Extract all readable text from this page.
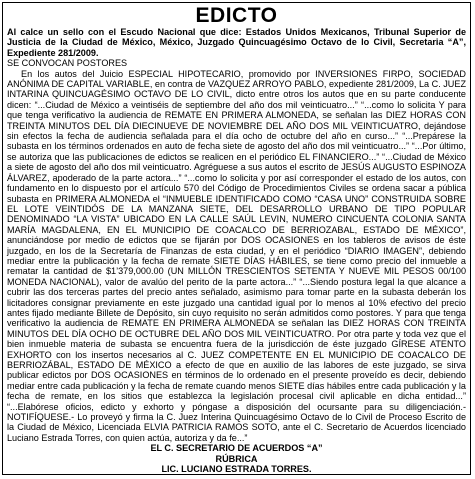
EDICTO

Al calce un sello con el Escudo Nacional que dice: Estados Unidos Mexicanos, Tribunal Superior de Justicia de la Ciudad de México, México, Juzgado Quincuagésimo Octavo de lo Civil, Secretaria “A”, Expediente 281/2009.

SE CONVOCAN POSTORES

En los autos del Juicio ESPECIAL HIPOTECARIO, promovido por INVERSIONES FIRPO, SOCIEDAD ANÓNIMA DE CAPITAL VARIABLE, en contra de VAZQUEZ ARROYO PABLO, expediente 281/2009, La C. JUEZ INTARINA QUINCUAGÉSIMO OCTAVO DE LO CIVIL, dicto entre otros los autos que en su parte conducente dicen: “...Ciudad de México a veintiséis de septiembre del año dos mil veinticuatro...” “...como lo solicita Y para que tenga verificativo la audiencia de REMATE EN PRIMERA ALMONEDA, se señalan las DIEZ HORAS CON TREINTA MINUTOS DEL DÍA DIECINUEVE DE NOVIEMBRE DEL AÑO DOS MIL VEINTICUATRO, dejándose sin efectos la fecha de audiencia señalada para el día ocho de octubre del año en curso...” “...Prepárese la subasta en los términos ordenados en auto de fecha siete de agosto del año dos mil veinticuatro...” “...Por último, se autoriza que las publicaciones de edictos se realicen en el periódico EL FINANCIERO...” “...Ciudad de México a siete de agosto del año dos mil veinticuatro. Agréguese a sus autos el escrito de JESÚS AUGUSTO ESPINOZA ÁLVAREZ, apoderado de la parte actora...” “...como lo solicita y por así corresponder el estado de los autos, con fundamento en lo dispuesto por el artículo 570 del Código de Procedimientos Civiles se ordena sacar a pública subasta en PRIMERA ALMONEDA el “INMUEBLE IDENTIFICADO COMO “CASA UNO” CONSTRUIDA SOBRE EL LOTE VEINTIDÓS DE LA MANZANA SIETE, DEL DESARROLLO URBANO DE TIPO POPULAR DENOMINADO “LA VISTA” UBICADO EN LA CALLE SAÚL LEVIN, NUMERO CINCUENTA COLONIA SANTA MARÍA MAGDALENA, EN EL MUNICIPIO DE COACALCO DE BERRIOZABAL, ESTADO DE MÉXICO”, anunciándose por medio de edictos que se fijarán por DOS OCASIONES en los tableros de avisos de éste juzgado, en los de la Secretaría de Finanzas de esta ciudad, y en el periódico “DIARIO IMAGEN”, debiendo mediar entre la publicación y la fecha de remate SIETE DÍAS HÁBILES, se tiene como precio del inmueble a rematar la cantidad de $1’379,000.00 (UN MILLÓN TRESCIENTOS SETENTA Y NUEVE MIL PESOS 00/100 MONEDA NACIONAL), valor de avalúo del perito de la parte actora...” “...Siendo postura legal la que alcance a cubrir las dos terceras partes del precio antes señalado, asimismo para tomar parte en la subasta deberán los licitadores consignar previamente en este juzgado una cantidad igual por lo menos al 10% efectivo del precio antes fijado mediante Billete de Depósito, sin cuyo requisito no serán admitidos como postores. Y para que tenga verificativo la audiencia de REMATE EN PRIMERA ALMONEDA se señalan las DIEZ HORAS CON TREINTA MINUTOS DEL DÍA OCHO DE OCTUBRE DEL AÑO DOS MIL VEINTICUATRO. Por otra parte y toda vez que el bien inmueble materia de subasta se encuentra fuera de la jurisdicción de éste juzgado GÍRESE ATENTO EXHORTO con los insertos necesarios al C. JUEZ COMPETENTE EN EL MUNICIPIO DE COACALCO DE BERRIOZÁBAL, ESTADO DE MÉXICO a efecto de que en auxilio de las labores de este juzgado, se sirva publicar edictos por DOS OCASIONES en términos de lo ordenado en el presente proveído es decir, debiendo mediar entre cada publicación y la fecha de remate cuando menos SIETE días hábiles entre cada publicación y la fecha de remate, en los sitios que establezca la legislación procesal civil aplicable en dicha entidad...” “...Elabórese oficios, edicto y exhorto y póngase a disposición del ocursante para su diligenciación.- NOTIFÍQUESE.- Lo proveyó y firma la C. Juez Interina Quincuagésimo Octavo de lo Civil de Proceso Escrito de la Ciudad de México, Licenciada ELVIA PATRICIA RAMOS SOTO, ante el C. Secretario de Acuerdos licenciado Luciano Estrada Torres, con quien actúa, autoriza y da fe...”

EL C. SECRETARIO DE ACUERDOS “A”

RÚBRICA

LIC. LUCIANO ESTRADA TORRES.
